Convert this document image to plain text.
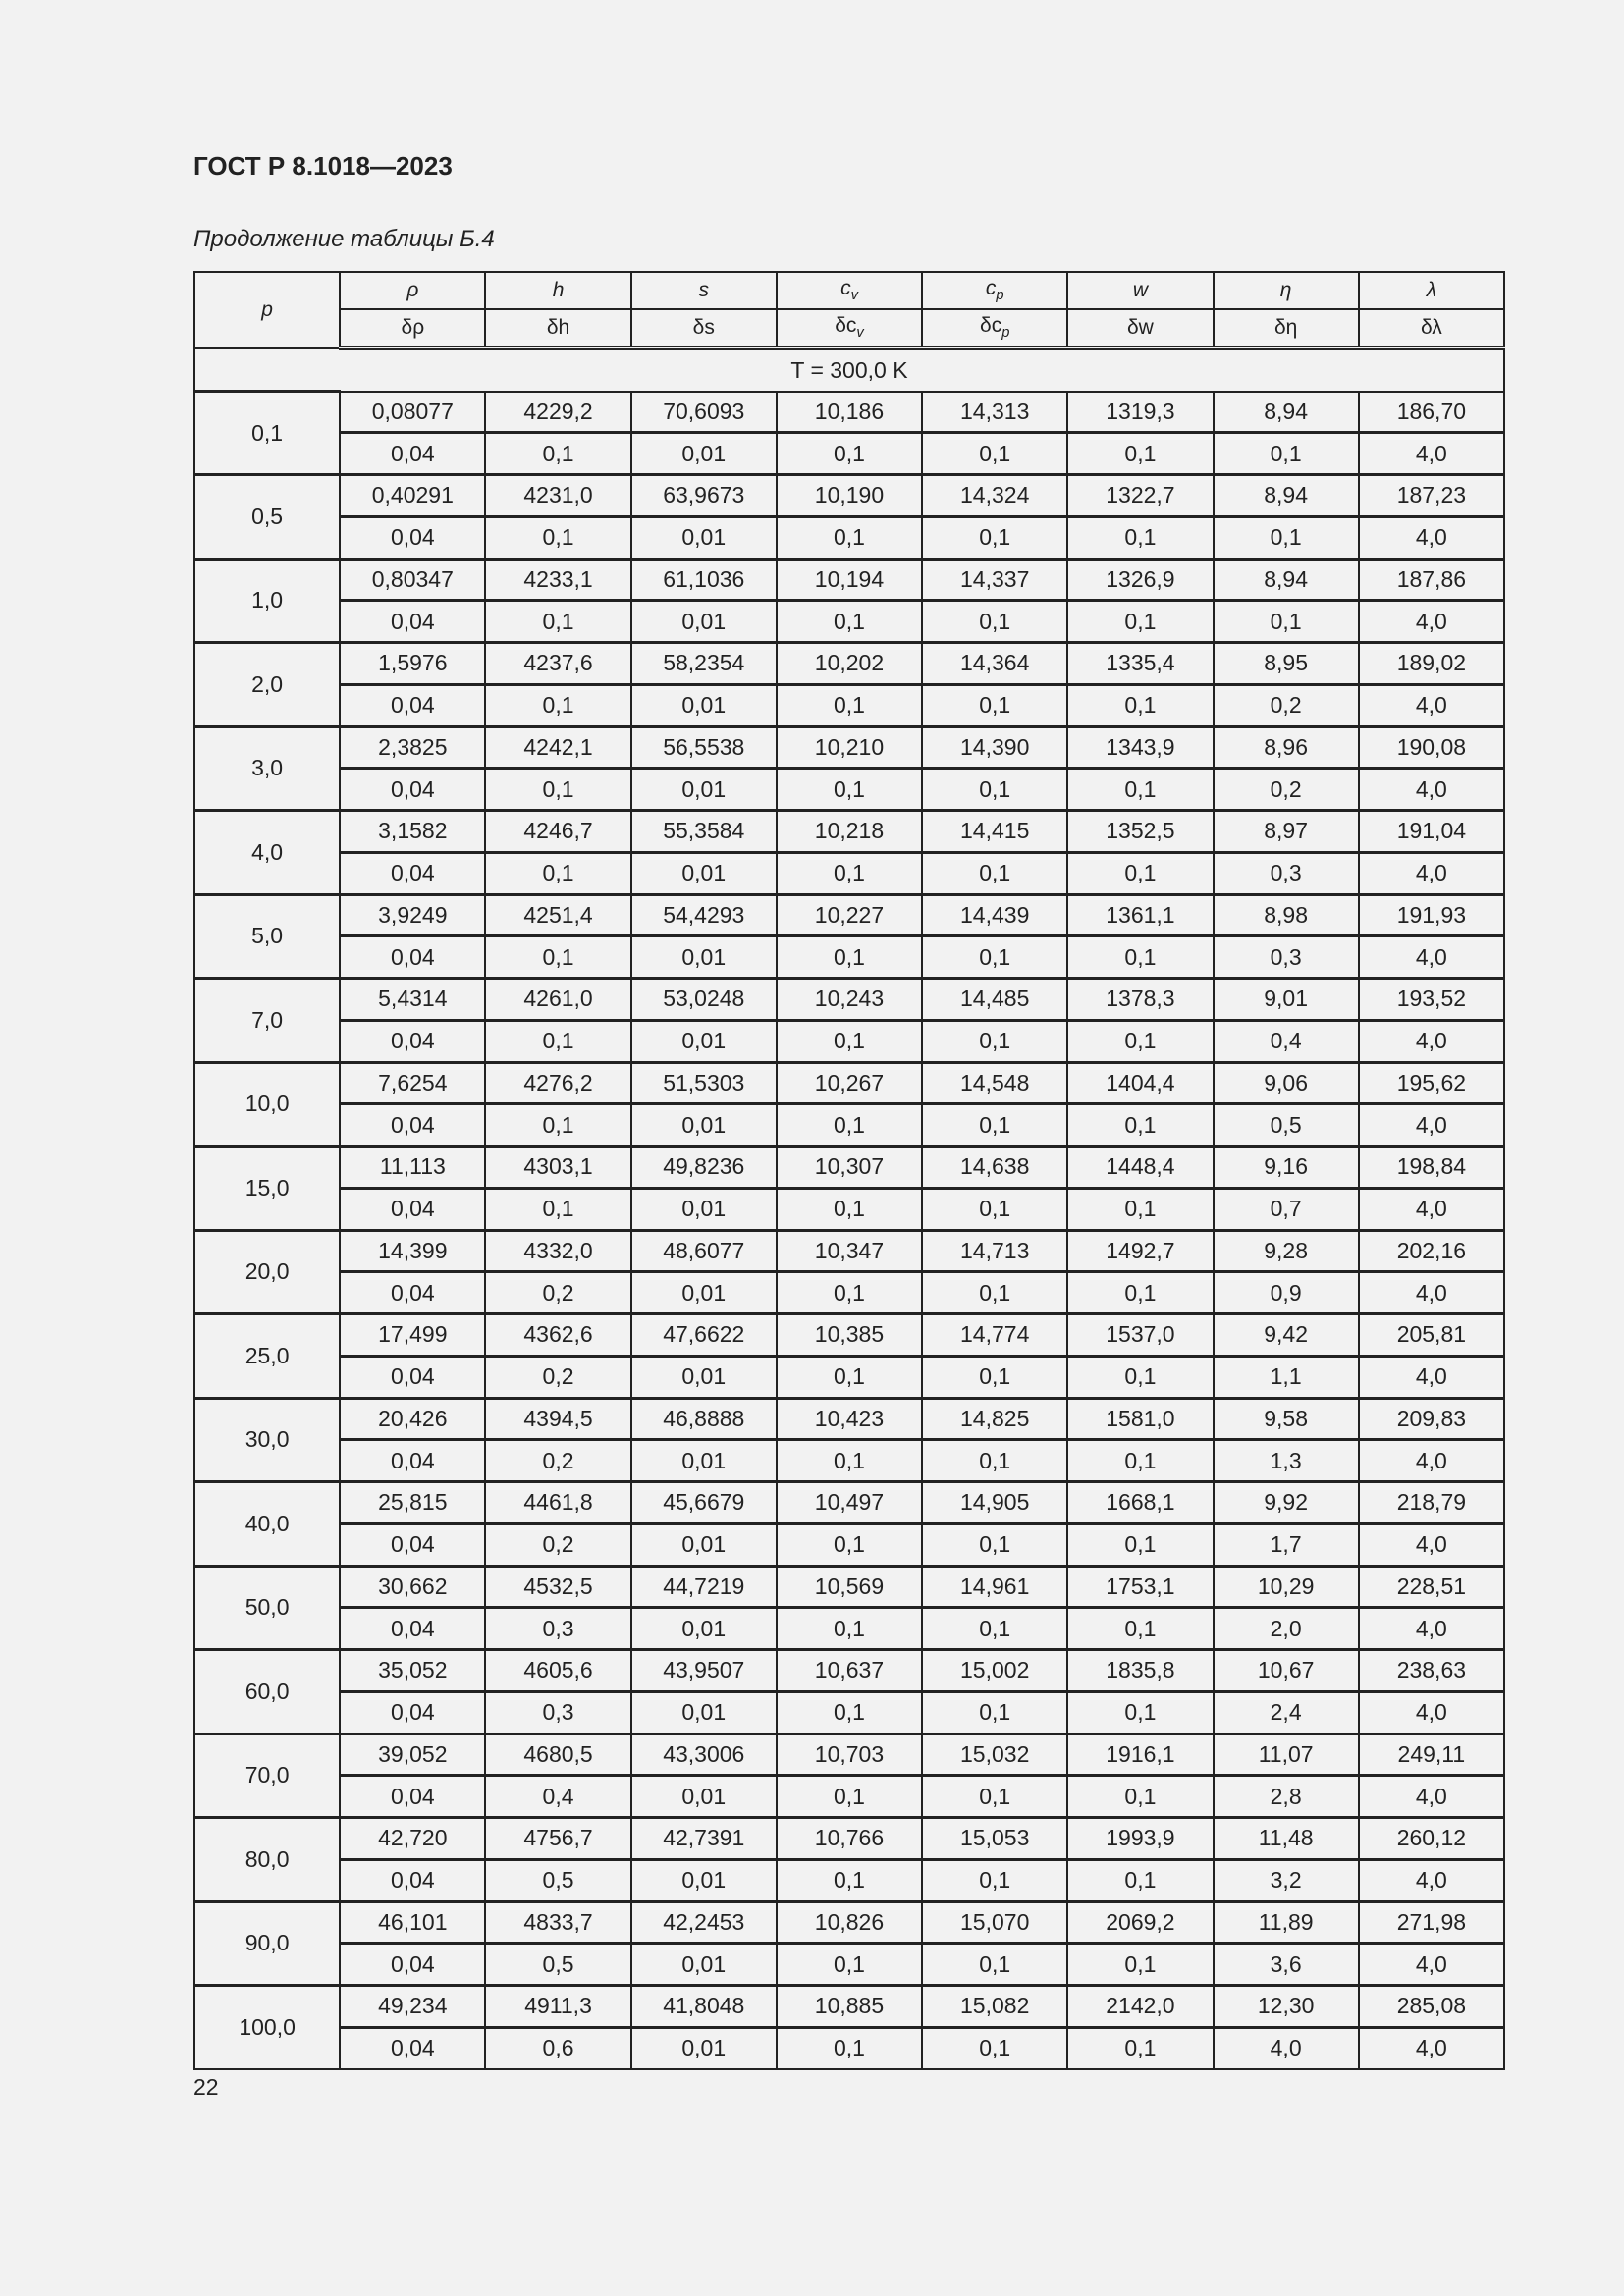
ГОСТ Р 8.1018—2023
Продолжение таблицы Б.4
p	ρ	h	s	$c_v$	$c_p$	w	η	λ
	δρ	δh	δs	$\delta c_v$	$\delta c_p$	δw	δη	δλ
T = 300,0 K								
0,1	0,08077	4229,2	70,6093	10,186	14,313	1319,3	8,94	186,70
	0,04	0,1	0,01	0,1	0,1	0,1	0,1	4,0
0,5	0,40291	4231,0	63,9673	10,190	14,324	1322,7	8,94	187,23
	0,04	0,1	0,01	0,1	0,1	0,1	0,1	4,0
1,0	0,80347	4233,1	61,1036	10,194	14,337	1326,9	8,94	187,86
	0,04	0,1	0,01	0,1	0,1	0,1	0,1	4,0
2,0	1,5976	4237,6	58,2354	10,202	14,364	1335,4	8,95	189,02
	0,04	0,1	0,01	0,1	0,1	0,1	0,2	4,0
3,0	2,3825	4242,1	56,5538	10,210	14,390	1343,9	8,96	190,08
	0,04	0,1	0,01	0,1	0,1	0,1	0,2	4,0
4,0	3,1582	4246,7	55,3584	10,218	14,415	1352,5	8,97	191,04
	0,04	0,1	0,01	0,1	0,1	0,1	0,3	4,0
5,0	3,9249	4251,4	54,4293	10,227	14,439	1361,1	8,98	191,93
	0,04	0,1	0,01	0,1	0,1	0,1	0,3	4,0
7,0	5,4314	4261,0	53,0248	10,243	14,485	1378,3	9,01	193,52
	0,04	0,1	0,01	0,1	0,1	0,1	0,4	4,0
10,0	7,6254	4276,2	51,5303	10,267	14,548	1404,4	9,06	195,62
	0,04	0,1	0,01	0,1	0,1	0,1	0,5	4,0
15,0	11,113	4303,1	49,8236	10,307	14,638	1448,4	9,16	198,84
	0,04	0,1	0,01	0,1	0,1	0,1	0,7	4,0
20,0	14,399	4332,0	48,6077	10,347	14,713	1492,7	9,28	202,16
	0,04	0,2	0,01	0,1	0,1	0,1	0,9	4,0
25,0	17,499	4362,6	47,6622	10,385	14,774	1537,0	9,42	205,81
	0,04	0,2	0,01	0,1	0,1	0,1	1,1	4,0
30,0	20,426	4394,5	46,8888	10,423	14,825	1581,0	9,58	209,83
	0,04	0,2	0,01	0,1	0,1	0,1	1,3	4,0
40,0	25,815	4461,8	45,6679	10,497	14,905	1668,1	9,92	218,79
	0,04	0,2	0,01	0,1	0,1	0,1	1,7	4,0
50,0	30,662	4532,5	44,7219	10,569	14,961	1753,1	10,29	228,51
	0,04	0,3	0,01	0,1	0,1	0,1	2,0	4,0
60,0	35,052	4605,6	43,9507	10,637	15,002	1835,8	10,67	238,63
	0,04	0,3	0,01	0,1	0,1	0,1	2,4	4,0
70,0	39,052	4680,5	43,3006	10,703	15,032	1916,1	11,07	249,11
	0,04	0,4	0,01	0,1	0,1	0,1	2,8	4,0
80,0	42,720	4756,7	42,7391	10,766	15,053	1993,9	11,48	260,12
	0,04	0,5	0,01	0,1	0,1	0,1	3,2	4,0
90,0	46,101	4833,7	42,2453	10,826	15,070	2069,2	11,89	271,98
	0,04	0,5	0,01	0,1	0,1	0,1	3,6	4,0
100,0	49,234	4911,3	41,8048	10,885	15,082	2142,0	12,30	285,08
	0,04	0,6	0,01	0,1	0,1	0,1	4,0	4,0
22
